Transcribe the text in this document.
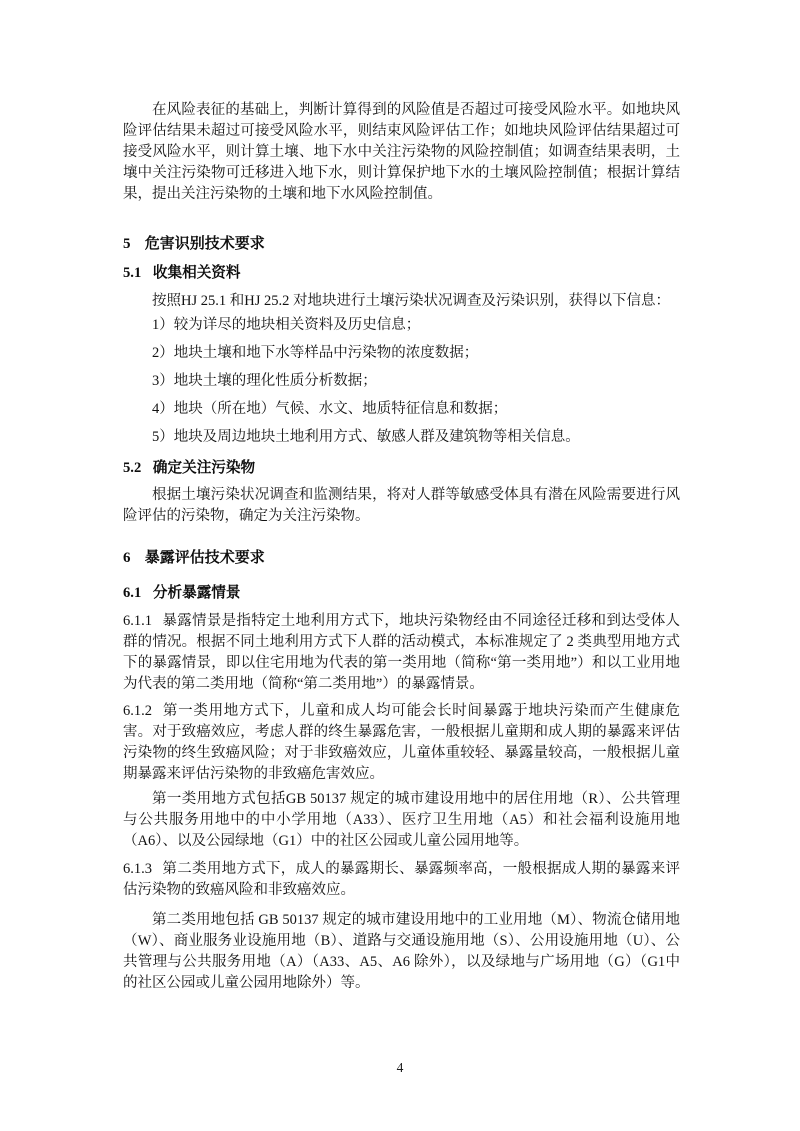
在风险表征的基础上，判断计算得到的风险值是否超过可接受风险水平。如地块风险评估结果未超过可接受风险水平，则结束风险评估工作；如地块风险评估结果超过可接受风险水平，则计算土壤、地下水中关注污染物的风险控制值；如调查结果表明，土壤中关注污染物可迁移进入地下水，则计算保护地下水的土壤风险控制值；根据计算结果，提出关注污染物的土壤和地下水风险控制值。

5 危害识别技术要求
5.1 收集相关资料

按照HJ 25.1 和HJ 25.2 对地块进行土壤污染状况调查及污染识别，获得以下信息：

1）较为详尽的地块相关资料及历史信息；

2）地块土壤和地下水等样品中污染物的浓度数据；

3）地块土壤的理化性质分析数据；

4）地块（所在地）气候、水文、地质特征信息和数据；

5）地块及周边地块土地利用方式、敏感人群及建筑物等相关信息。

5.2 确定关注污染物

根据土壤污染状况调查和监测结果，将对人群等敏感受体具有潜在风险需要进行风险评估的污染物，确定为关注污染物。

6 暴露评估技术要求
6.1 分析暴露情景

6.1.1 暴露情景是指特定土地利用方式下，地块污染物经由不同途径迁移和到达受体人群的情况。根据不同土地利用方式下人群的活动模式，本标准规定了 2 类典型用地方式下的暴露情景，即以住宅用地为代表的第一类用地（简称“第一类用地”）和以工业用地为代表的第二类用地（简称“第二类用地”）的暴露情景。

6.1.2 第一类用地方式下，儿童和成人均可能会长时间暴露于地块污染而产生健康危害。对于致癌效应，考虑人群的终生暴露危害，一般根据儿童期和成人期的暴露来评估污染物的终生致癌风险；对于非致癌效应，儿童体重较轻、暴露量较高，一般根据儿童期暴露来评估污染物的非致癌危害效应。

第一类用地方式包括GB 50137 规定的城市建设用地中的居住用地（R）、公共管理与公共服务用地中的中小学用地（A33）、医疗卫生用地（A5）和社会福利设施用地（A6）、以及公园绿地（G1）中的社区公园或儿童公园用地等。

6.1.3 第二类用地方式下，成人的暴露期长、暴露频率高，一般根据成人期的暴露来评估污染物的致癌风险和非致癌效应。

第二类用地包括 GB 50137 规定的城市建设用地中的工业用地（M）、物流仓储用地（W）、商业服务业设施用地（B）、道路与交通设施用地（S）、公用设施用地（U）、公共管理与公共服务用地（A）（A33、A5、A6 除外），以及绿地与广场用地（G）（G1中的社区公园或儿童公园用地除外）等。

4
